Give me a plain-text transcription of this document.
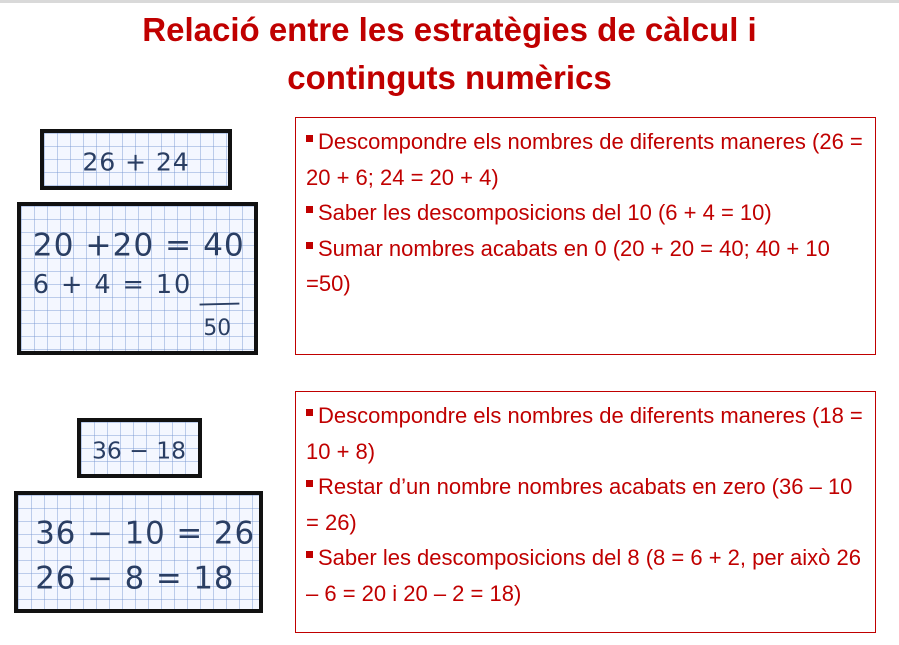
Relació entre les estratègies de càlcul i
continguts numèrics
26 + 24
20 +20 = 40
6 + 4 = 10
50
Descompondre els nombres de diferents maneres (26 = 20 + 6; 24 = 20 + 4)
Saber les descomposicions del 10 (6 + 4 = 10)
Sumar nombres acabats en 0 (20 + 20 = 40; 40 + 10 =50)
36 − 18
36 − 10 = 26
26 − 8 = 18
Descompondre els nombres de diferents maneres (18 = 10 + 8)
Restar d’un nombre nombres acabats en zero (36 – 10 = 26)
Saber les descomposicions del 8 (8 = 6 + 2, per això 26 – 6 = 20 i 20 – 2 = 18)
